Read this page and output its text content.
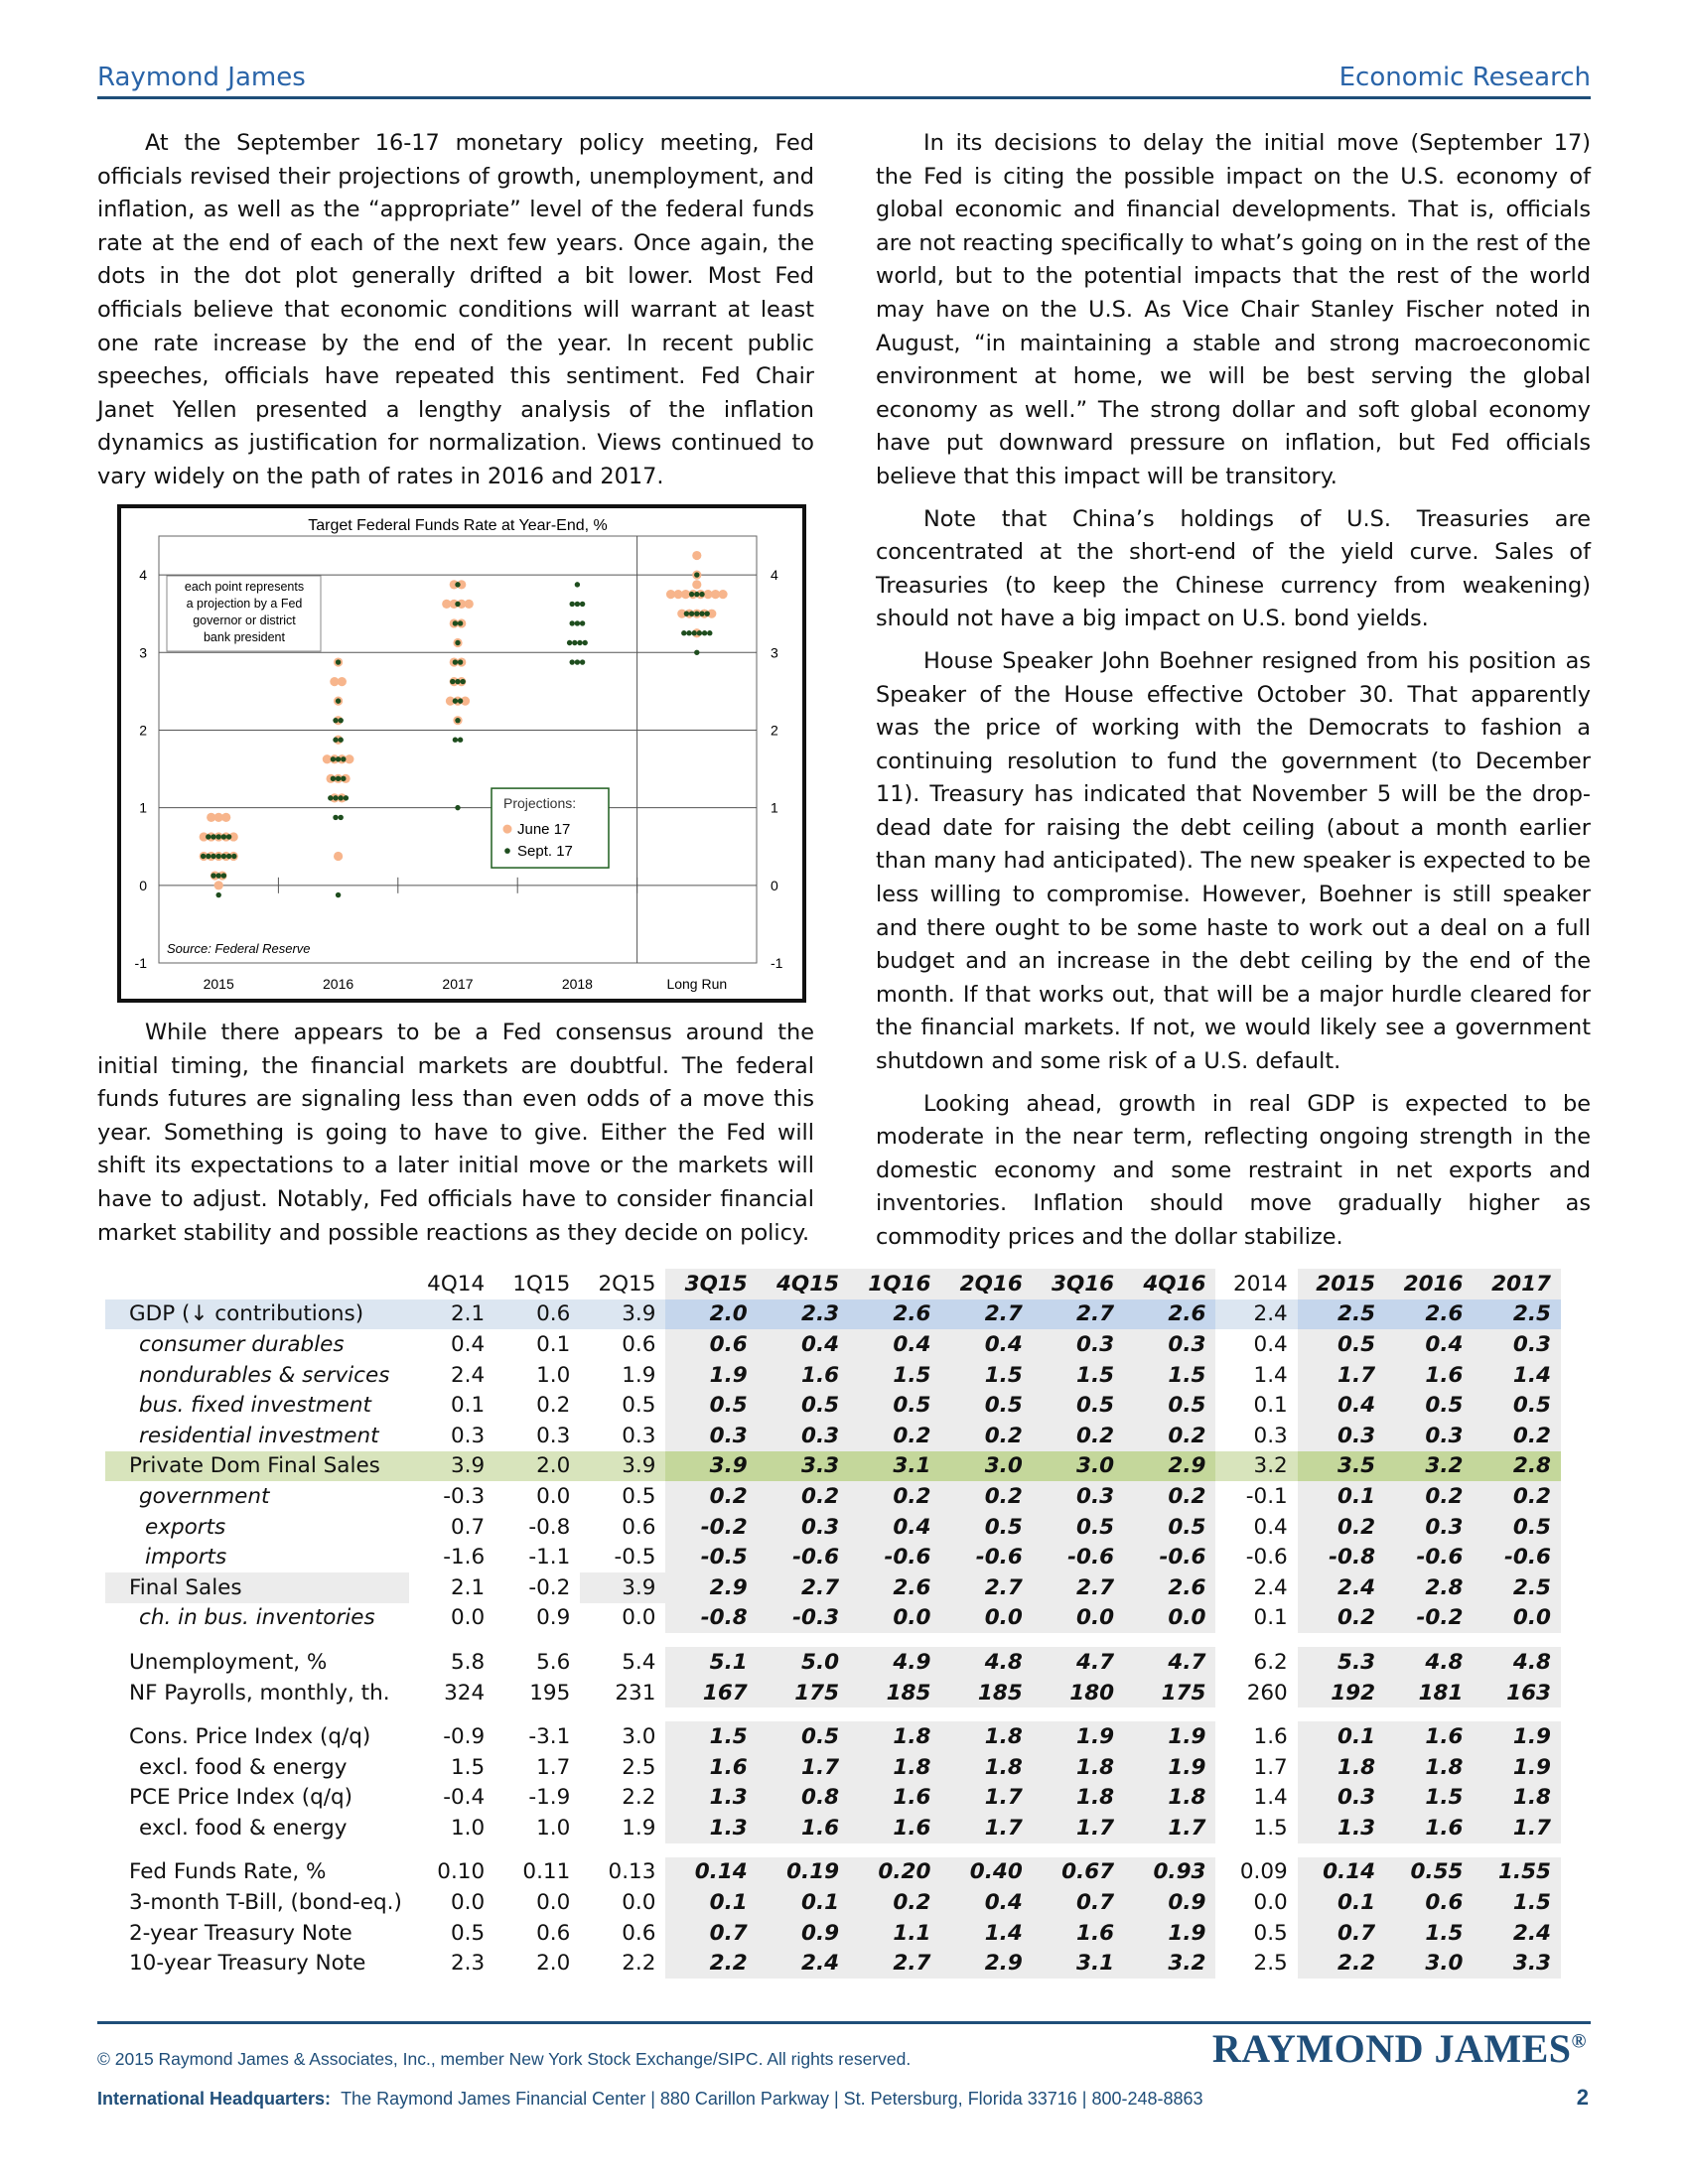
Raymond James	Economic Research

At the September 16-17 monetary policy meeting, Fed officials revised their projections of growth, unemployment, and inflation, as well as the “appropriate” level of the federal funds rate at the end of each of the next few years. Once again, the dots in the dot plot generally drifted a bit lower. Most Fed officials believe that economic conditions will warrant at least one rate increase by the end of the year. In recent public speeches, officials have repeated this sentiment. Fed Chair Janet Yellen presented a lengthy analysis of the inflation dynamics as justification for normalization. Views continued to vary widely on the path of rates in 2016 and 2017.

Target Federal Funds Rate at Year-End, %
-1	-1
0	0
1	1
2	2
3	3
4	4
2015	2016	2017	2018	Long Run
each point represents
a projection by a Fed
governor or district
bank president
Source: Federal Reserve
Projections:
June 17
Sept. 17

While there appears to be a Fed consensus around the initial timing, the financial markets are doubtful. The federal funds futures are signaling less than even odds of a move this year. Something is going to have to give. Either the Fed will shift its expectations to a later initial move or the markets will have to adjust. Notably, Fed officials have to consider financial market stability and possible reactions as they decide on policy.

In its decisions to delay the initial move (September 17) the Fed is citing the possible impact on the U.S. economy of global economic and financial developments. That is, officials are not reacting specifically to what’s going on in the rest of the world, but to the potential impacts that the rest of the world may have on the U.S. As Vice Chair Stanley Fischer noted in August, “in maintaining a stable and strong macroeconomic environment at home, we will be best serving the global economy as well.” The strong dollar and soft global economy have put downward pressure on inflation, but Fed officials believe that this impact will be transitory.

Note that China’s holdings of U.S. Treasuries are concentrated at the short-end of the yield curve. Sales of Treasuries (to keep the Chinese currency from weakening) should not have a big impact on U.S. bond yields.

House Speaker John Boehner resigned from his position as Speaker of the House effective October 30. That apparently was the price of working with the Democrats to fashion a continuing resolution to fund the government (to December 11). Treasury has indicated that November 5 will be the drop-dead date for raising the debt ceiling (about a month earlier than many had anticipated). The new speaker is expected to be less willing to compromise. However, Boehner is still speaker and there ought to be some haste to work out a deal on a full budget and an increase in the debt ceiling by the end of the month. If that works out, that will be a major hurdle cleared for the financial markets. If not, we would likely see a government shutdown and some risk of a U.S. default.

Looking ahead, growth in real GDP is expected to be moderate in the near term, reflecting ongoing strength in the domestic economy and some restraint in net exports and inventories. Inflation should move gradually higher as commodity prices and the dollar stabilize.

	4Q14	1Q15	2Q15	3Q15	4Q15	1Q16	2Q16	3Q16	4Q16	2014	2015	2016	2017
GDP (↓ contributions)	2.1	0.6	3.9	2.0	2.3	2.6	2.7	2.7	2.6	2.4	2.5	2.6	2.5
consumer durables	0.4	0.1	0.6	0.6	0.4	0.4	0.4	0.3	0.3	0.4	0.5	0.4	0.3
nondurables & services	2.4	1.0	1.9	1.9	1.6	1.5	1.5	1.5	1.5	1.4	1.7	1.6	1.4
bus. fixed investment	0.1	0.2	0.5	0.5	0.5	0.5	0.5	0.5	0.5	0.1	0.4	0.5	0.5
residential investment	0.3	0.3	0.3	0.3	0.3	0.2	0.2	0.2	0.2	0.3	0.3	0.3	0.2
Private Dom Final Sales	3.9	2.0	3.9	3.9	3.3	3.1	3.0	3.0	2.9	3.2	3.5	3.2	2.8
government	-0.3	0.0	0.5	0.2	0.2	0.2	0.2	0.3	0.2	-0.1	0.1	0.2	0.2
exports	0.7	-0.8	0.6	-0.2	0.3	0.4	0.5	0.5	0.5	0.4	0.2	0.3	0.5
imports	-1.6	-1.1	-0.5	-0.5	-0.6	-0.6	-0.6	-0.6	-0.6	-0.6	-0.8	-0.6	-0.6
Final Sales	2.1	-0.2	3.9	2.9	2.7	2.6	2.7	2.7	2.6	2.4	2.4	2.8	2.5
ch. in bus. inventories	0.0	0.9	0.0	-0.8	-0.3	0.0	0.0	0.0	0.0	0.1	0.2	-0.2	0.0

Unemployment, %	5.8	5.6	5.4	5.1	5.0	4.9	4.8	4.7	4.7	6.2	5.3	4.8	4.8
NF Payrolls, monthly, th.	324	195	231	167	175	185	185	180	175	260	192	181	163

Cons. Price Index (q/q)	-0.9	-3.1	3.0	1.5	0.5	1.8	1.8	1.9	1.9	1.6	0.1	1.6	1.9
excl. food & energy	1.5	1.7	2.5	1.6	1.7	1.8	1.8	1.8	1.9	1.7	1.8	1.8	1.9
PCE Price Index (q/q)	-0.4	-1.9	2.2	1.3	0.8	1.6	1.7	1.8	1.8	1.4	0.3	1.5	1.8
excl. food & energy	1.0	1.0	1.9	1.3	1.6	1.6	1.7	1.7	1.7	1.5	1.3	1.6	1.7

Fed Funds Rate, %	0.10	0.11	0.13	0.14	0.19	0.20	0.40	0.67	0.93	0.09	0.14	0.55	1.55
3-month T-Bill, (bond-eq.)	0.0	0.0	0.0	0.1	0.1	0.2	0.4	0.7	0.9	0.0	0.1	0.6	1.5
2-year Treasury Note	0.5	0.6	0.6	0.7	0.9	1.1	1.4	1.6	1.9	0.5	0.7	1.5	2.4
10-year Treasury Note	2.3	2.0	2.2	2.2	2.4	2.7	2.9	3.1	3.2	2.5	2.2	3.0	3.3
RAYMOND JAMES®
© 2015 Raymond James & Associates, Inc., member New York Stock Exchange/SIPC. All rights reserved.
International Headquarters: The Raymond James Financial Center | 880 Carillon Parkway | St. Petersburg, Florida 33716 | 800-248-8863	2
